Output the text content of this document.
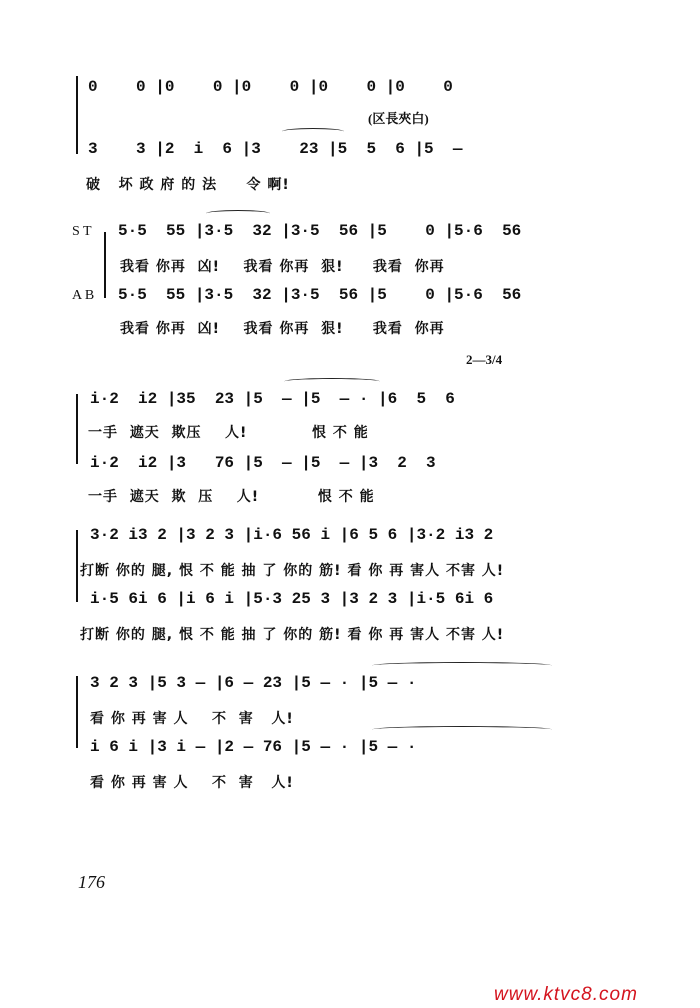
0    0 |0    0 |0    0 |0    0 |0    0
(区長夾白)
3    3 |2  i  6 |3    23 |5  5  6 |5  —
破   坏 政 府 的 法     令 啊!
S T 5·5  55 |3·5  32 |3·5  56 |5    0 |5·6  56
我看 你再  凶!    我看 你再  狠!     我看  你再
A B 5·5  55 |3·5  32 |3·5  56 |5    0 |5·6  56
我看 你再  凶!    我看 你再  狠!     我看  你再
2—3/4
i·2  i2 |35  23 |5  — |5  — · |6  5  6
一手  遮天  欺压    人!           恨 不 能
i·2  i2 |3   76 |5  — |5  — |3  2  3
一手  遮天  欺  压    人!          恨 不 能
3·2 i3 2 |3 2 3 |i·6 56 i |6 5 6 |3·2 i3 2
打断 你的 腿, 恨 不 能 抽 了 你的 筋! 看 你 再 害人 不害 人!
i·5 6i 6 |i 6 i |5·3 25 3 |3 2 3 |i·5 6i 6
打断 你的 腿, 恨 不 能 抽 了 你的 筋! 看 你 再 害人 不害 人!
3 2 3 |5 3 — |6 — 23 |5 — · |5 — ·
看 你 再 害 人    不  害   人!
i 6 i |3 i — |2 — 76 |5 — · |5 — ·
看 你 再 害 人    不  害   人!
176
www.ktvc8.com
